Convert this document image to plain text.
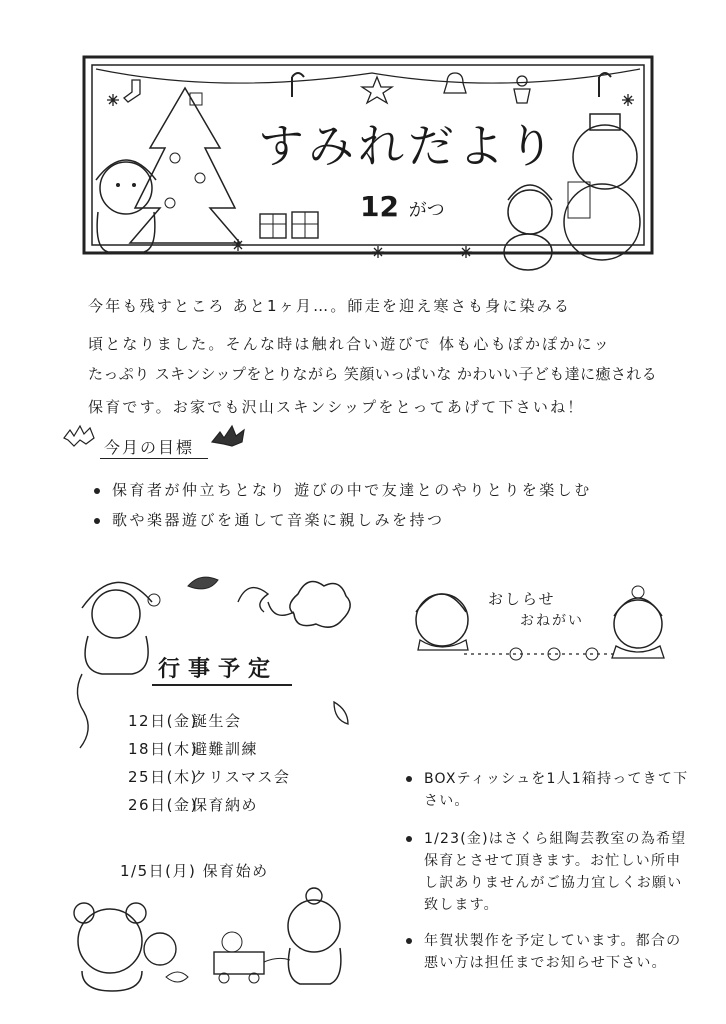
すみれだより
12 がつ
今年も残すところ あと1ヶ月…。師走を迎え寒さも身に染みる
頃となりました。そんな時は触れ合い遊びで 体も心もぽかぽかにッ
たっぷり スキンシップをとりながら 笑顔いっぱいな かわいい子ども達に癒される
保育です。お家でも沢山スキンシップをとってあげて下さいね！
今月の目標
保育者が仲立ちとなり 遊びの中で友達とのやりとりを楽しむ
歌や楽器遊びを通して音楽に親しみを持つ
行事予定
12日(金)誕生会
18日(木)避難訓練
25日(木)クリスマス会
26日(金)保育納め
1/5日(月) 保育始め
おしらせ
おねがい
BOXティッシュを1人1箱持ってきて下さい。
1/23(金)はさくら組陶芸教室の為希望保育とさせて頂きます。お忙しい所申し訳ありませんがご協力宜しくお願い致します。
年賀状製作を予定しています。都合の悪い方は担任までお知らせ下さい。
